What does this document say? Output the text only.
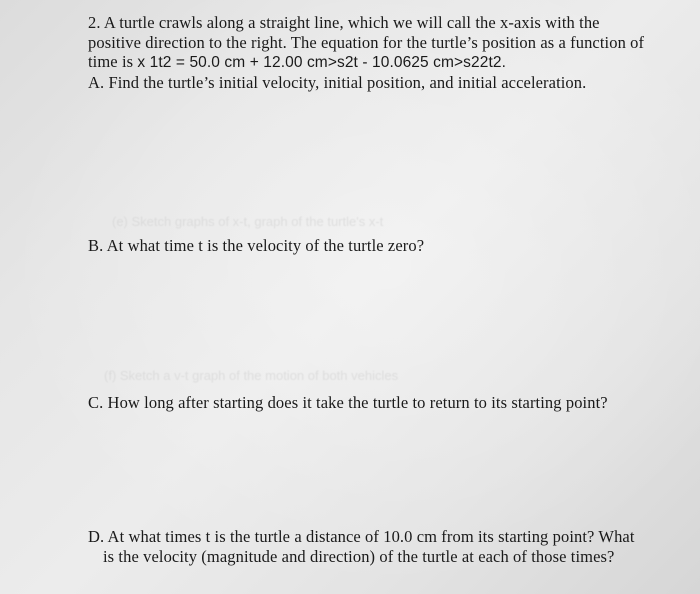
2. A turtle crawls along a straight line, which we will call the x-axis with the
positive direction to the right. The equation for the turtle’s position as a function of
time is x 1t2 = 50.0 cm + 12.00 cm>s2t - 10.0625 cm>s22t2.
A. Find the turtle’s initial velocity, initial position, and initial acceleration.
(e) Sketch graphs of x-t, graph of the turtle's x-t
B. At what time t is the velocity of the turtle zero?
(f) Sketch a v-t graph of the motion of both vehicles
C. How long after starting does it take the turtle to return to its starting point?
D. At what times t is the turtle a distance of 10.0 cm from its starting point? What
is the velocity (magnitude and direction) of the turtle at each of those times?
